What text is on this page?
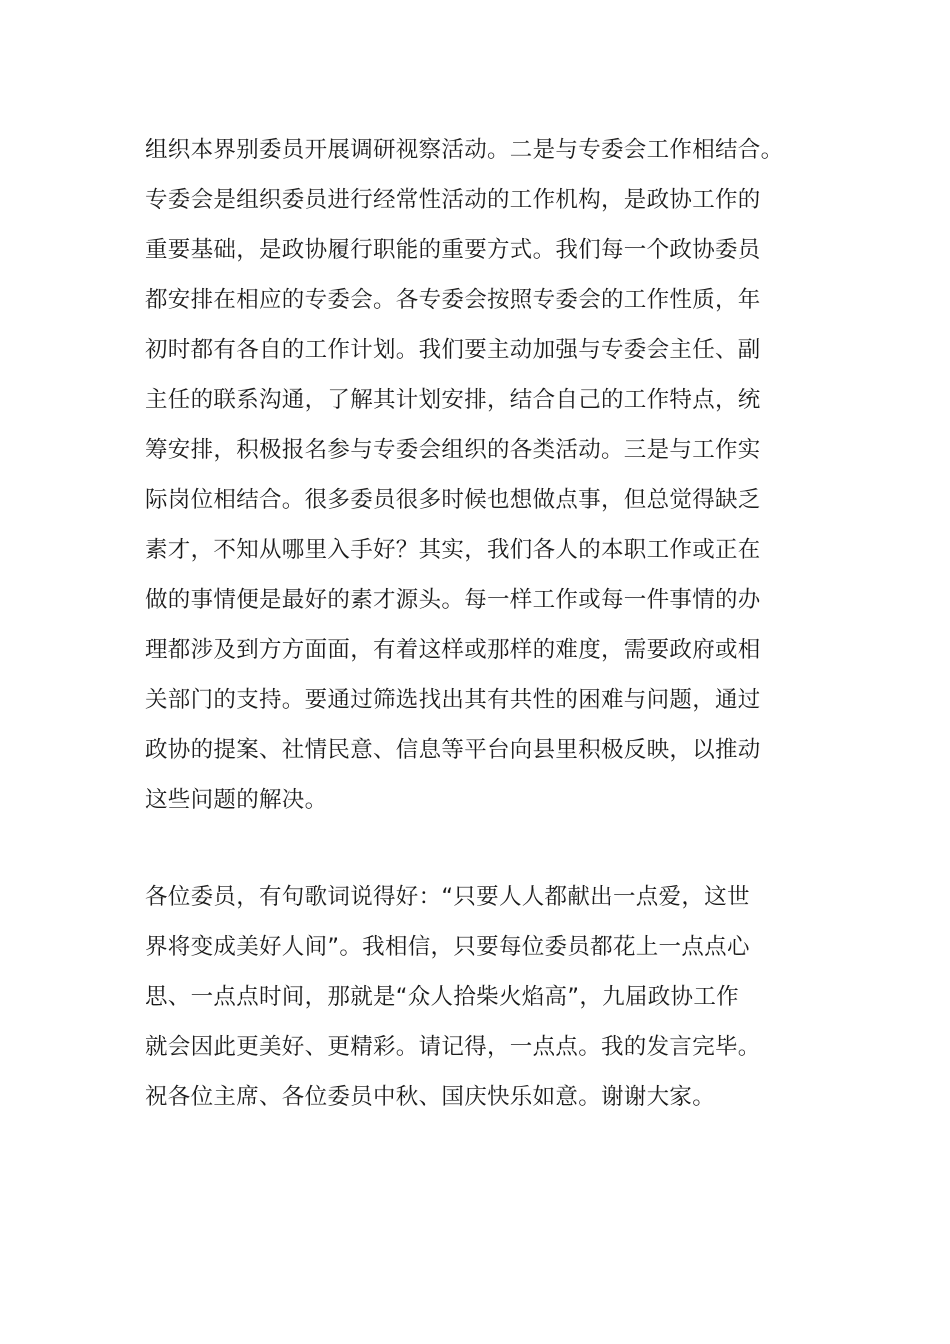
组织本界别委员开展调研视察活动。二是与专委会工作相结合。
专委会是组织委员进行经常性活动的工作机构，是政协工作的
重要基础，是政协履行职能的重要方式。我们每一个政协委员
都安排在相应的专委会。各专委会按照专委会的工作性质，年
初时都有各自的工作计划。我们要主动加强与专委会主任、副
主任的联系沟通，了解其计划安排，结合自己的工作特点，统
筹安排，积极报名参与专委会组织的各类活动。三是与工作实
际岗位相结合。很多委员很多时候也想做点事，但总觉得缺乏
素才，不知从哪里入手好？其实，我们各人的本职工作或正在
做的事情便是最好的素才源头。每一样工作或每一件事情的办
理都涉及到方方面面，有着这样或那样的难度，需要政府或相
关部门的支持。要通过筛选找出其有共性的困难与问题，通过
政协的提案、社情民意、信息等平台向县里积极反映，以推动
这些问题的解决。
各位委员，有句歌词说得好：“只要人人都献出一点爱，这世
界将变成美好人间”。我相信，只要每位委员都花上一点点心
思、一点点时间，那就是“众人拾柴火焰高”，九届政协工作
就会因此更美好、更精彩。请记得，一点点。我的发言完毕。
祝各位主席、各位委员中秋、国庆快乐如意。谢谢大家。
